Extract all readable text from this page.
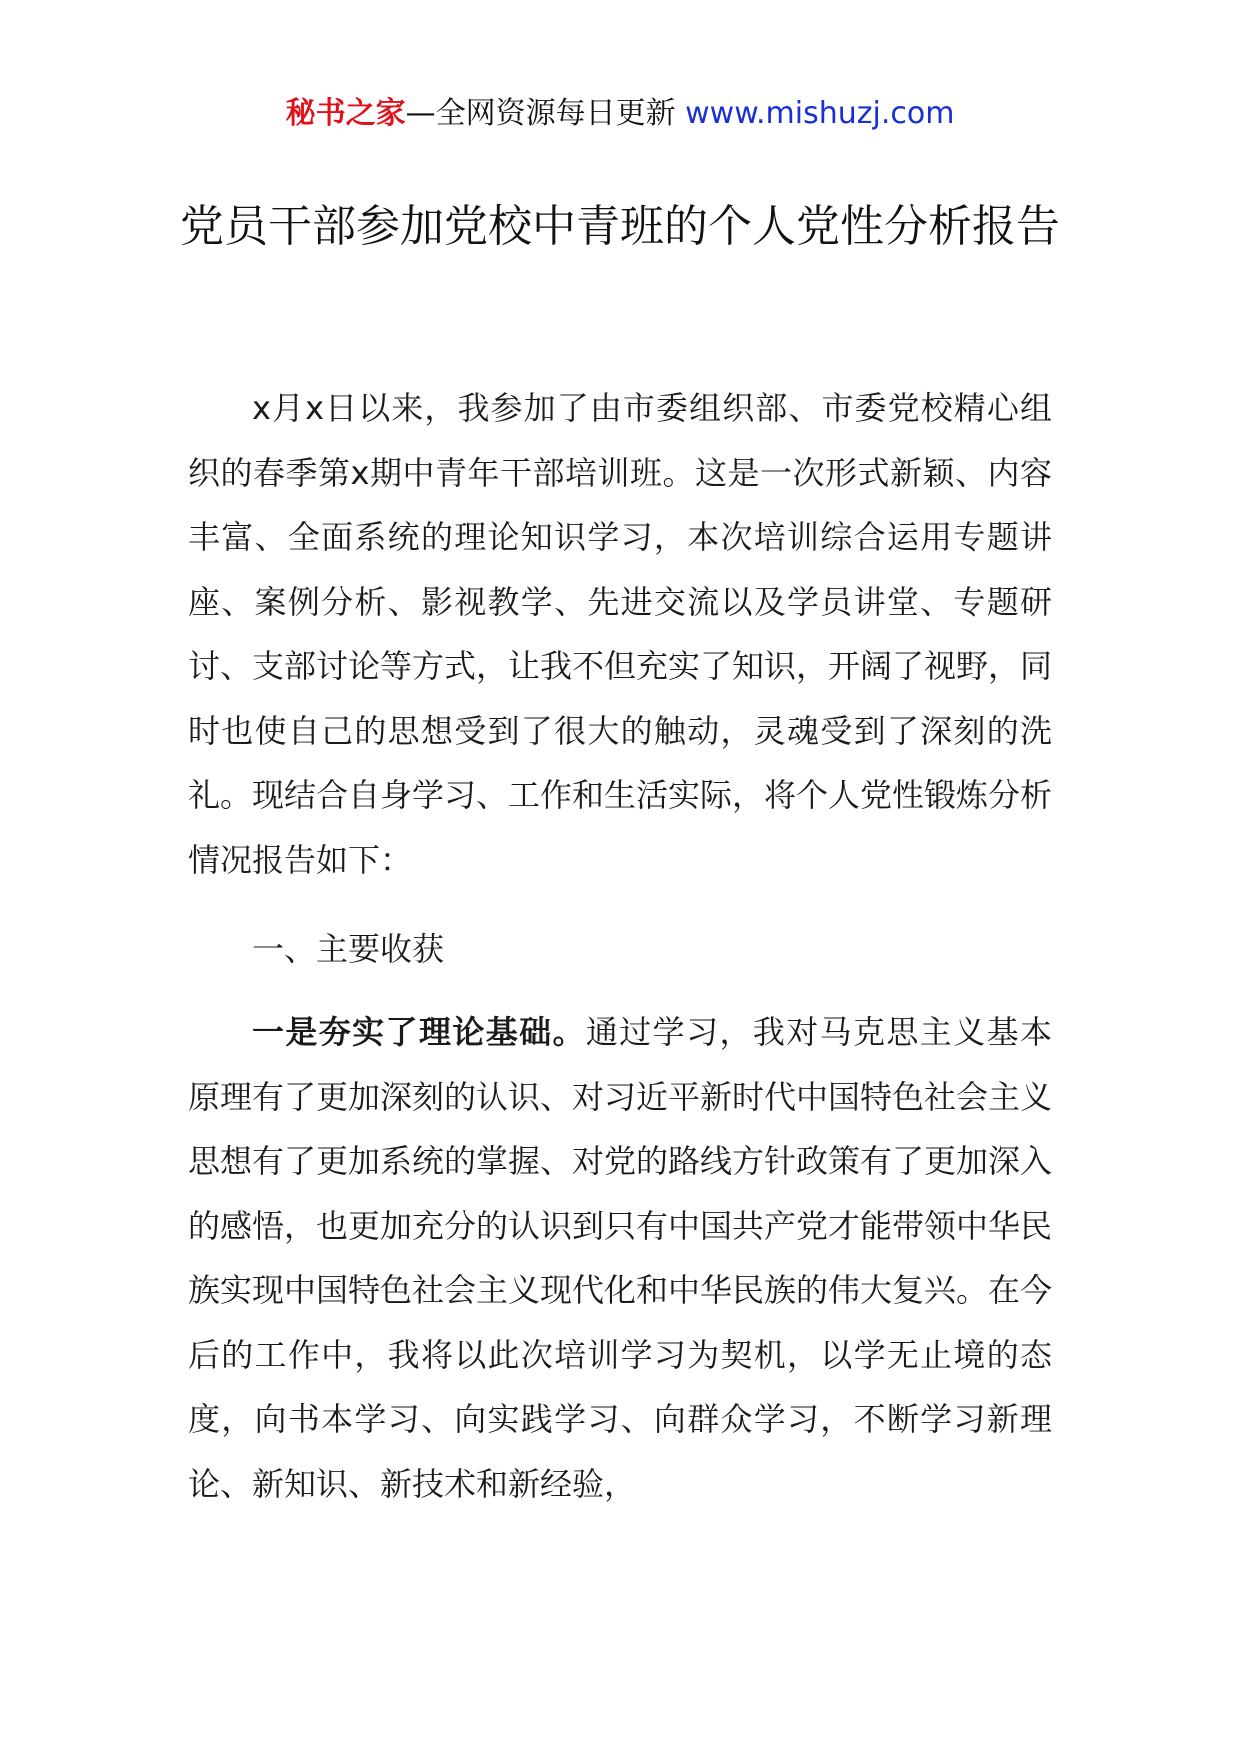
秘书之家—全网资源每日更新 www.mishuzj.com
党员干部参加党校中青班的个人党性分析报告

x月x日以来，我参加了由市委组织部、市委党校精心组织的春季第x期中青年干部培训班。这是一次形式新颖、内容丰富、全面系统的理论知识学习，本次培训综合运用专题讲座、案例分析、影视教学、先进交流以及学员讲堂、专题研讨、支部讨论等方式，让我不但充实了知识，开阔了视野，同时也使自己的思想受到了很大的触动，灵魂受到了深刻的洗礼。现结合自身学习、工作和生活实际，将个人党性锻炼分析情况报告如下：

一、主要收获

一是夯实了理论基础。通过学习，我对马克思主义基本原理有了更加深刻的认识、对习近平新时代中国特色社会主义思想有了更加系统的掌握、对党的路线方针政策有了更加深入的感悟，也更加充分的认识到只有中国共产党才能带领中华民族实现中国特色社会主义现代化和中华民族的伟大复兴。在今后的工作中，我将以此次培训学习为契机，以学无止境的态度，向书本学习、向实践学习、向群众学习，不断学习新理论、新知识、新技术和新经验，
